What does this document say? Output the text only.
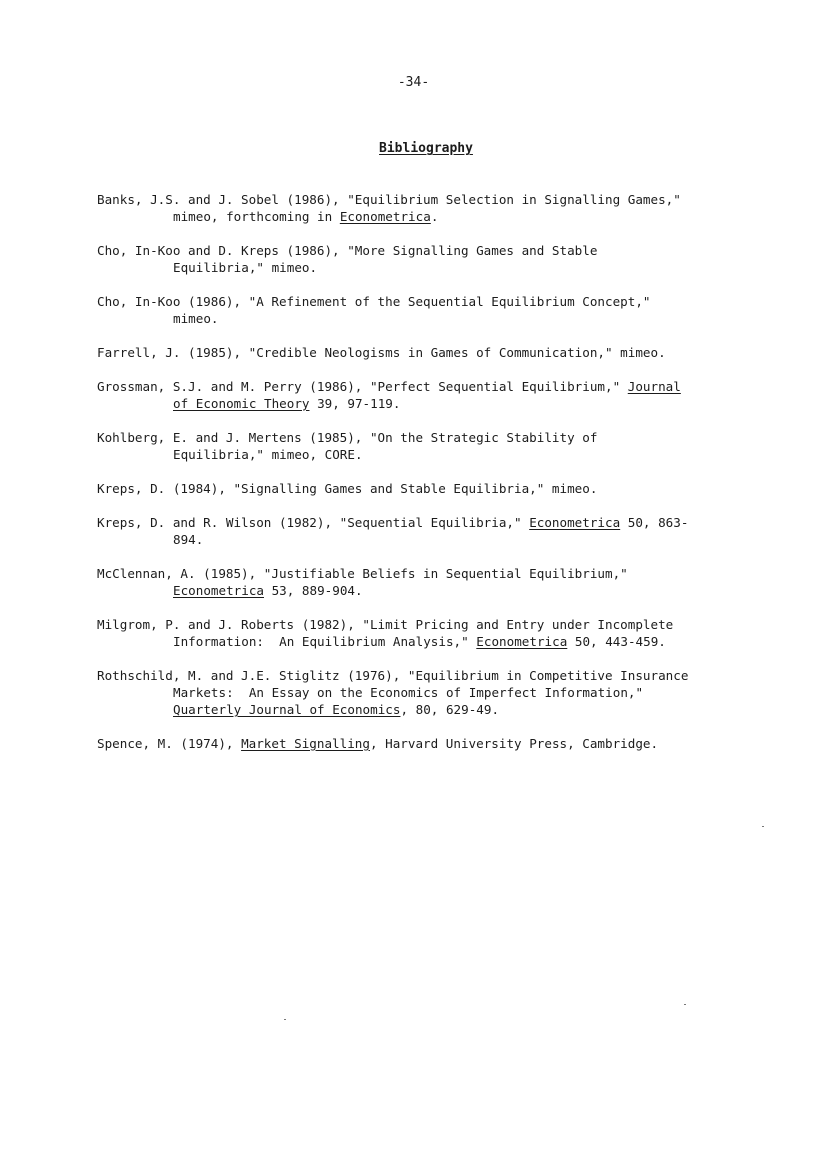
-34-
Bibliography
Banks, J.S. and J. Sobel (1986), "Equilibrium Selection in Signalling Games,"
mimeo, forthcoming in Econometrica.
Cho, In-Koo and D. Kreps (1986), "More Signalling Games and Stable
Equilibria," mimeo.
Cho, In-Koo (1986), "A Refinement of the Sequential Equilibrium Concept,"
mimeo.
Farrell, J. (1985), "Credible Neologisms in Games of Communication," mimeo.
Grossman, S.J. and M. Perry (1986), "Perfect Sequential Equilibrium," Journal
of Economic Theory 39, 97-119.
Kohlberg, E. and J. Mertens (1985), "On the Strategic Stability of
Equilibria," mimeo, CORE.
Kreps, D. (1984), "Signalling Games and Stable Equilibria," mimeo.
Kreps, D. and R. Wilson (1982), "Sequential Equilibria," Econometrica 50, 863-
894.
McClennan, A. (1985), "Justifiable Beliefs in Sequential Equilibrium,"
Econometrica 53, 889-904.
Milgrom, P. and J. Roberts (1982), "Limit Pricing and Entry under Incomplete
Information:  An Equilibrium Analysis," Econometrica 50, 443-459.
Rothschild, M. and J.E. Stiglitz (1976), "Equilibrium in Competitive Insurance
Markets:  An Essay on the Economics of Imperfect Information,"
Quarterly Journal of Economics, 80, 629-49.
Spence, M. (1974), Market Signalling, Harvard University Press, Cambridge.
